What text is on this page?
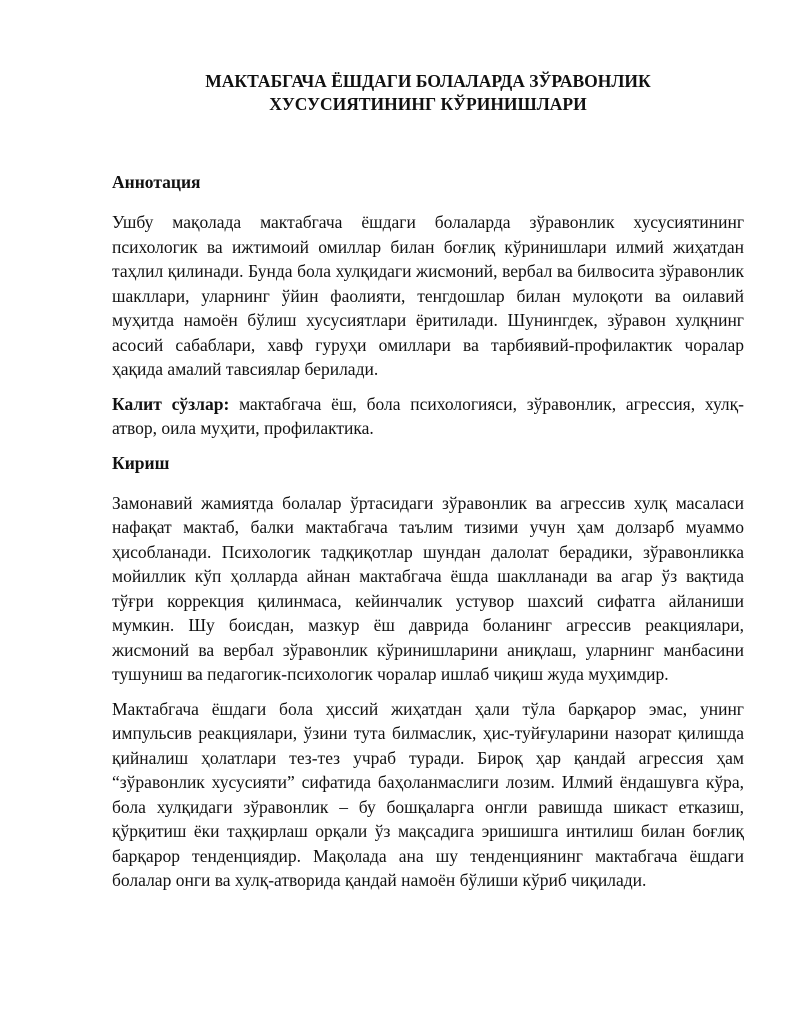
МАКТАБГАЧА ЁШДАГИ БОЛАЛАРДА ЗЎРАВОНЛИК
ХУСУСИЯТИНИНГ КЎРИНИШЛАРИ
Аннотация

Ушбу мақолада мактабгача ёшдаги болаларда зўравонлик хусусиятининг психологик ва ижтимоий омиллар билан боғлиқ кўринишлари илмий жиҳатдан таҳлил қилинади. Бунда бола хулқидаги жисмоний, вербал ва билвосита зўравонлик шакллари, уларнинг ўйин фаолияти, тенгдошлар билан мулоқоти ва оилавий муҳитда намоён бўлиш хусусиятлари ёритилади. Шунингдек, зўравон хулқнинг асосий сабаблари, хавф гуруҳи омиллари ва тарбиявий-профилактик чоралар ҳақида амалий тавсиялар берилади.

Калит сўзлар: мактабгача ёш, бола психологияси, зўравонлик, агрессия, хулқ-атвор, оила муҳити, профилактика.

Кириш

Замонавий жамиятда болалар ўртасидаги зўравонлик ва агрессив хулқ масаласи нафақат мактаб, балки мактабгача таълим тизими учун ҳам долзарб муаммо ҳисобланади. Психологик тадқиқотлар шундан далолат берадики, зўравонликка мойиллик кўп ҳолларда айнан мактабгача ёшда шаклланади ва агар ўз вақтида тўғри коррекция қилинмаса, кейинчалик устувор шахсий сифатга айланиши мумкин. Шу боисдан, мазкур ёш даврида боланинг агрессив реакциялари, жисмоний ва вербал зўравонлик кўринишларини аниқлаш, уларнинг манбасини тушуниш ва педагогик-психологик чоралар ишлаб чиқиш жуда муҳимдир.

Мактабгача ёшдаги бола ҳиссий жиҳатдан ҳали тўла барқарор эмас, унинг импульсив реакциялари, ўзини тута билмаслик, ҳис-туйғуларини назорат қилишда қийналиш ҳолатлари тез-тез учраб туради. Бироқ ҳар қандай агрессия ҳам “зўравонлик хусусияти” сифатида баҳоланмаслиги лозим. Илмий ёндашувга кўра, бола хулқидаги зўравонлик – бу бошқаларга онгли равишда шикаст етказиш, қўрқитиш ёки таҳқирлаш орқали ўз мақсадига эришишга интилиш билан боғлиқ барқарор тенденциядир. Мақолада ана шу тенденциянинг мактабгача ёшдаги болалар онги ва хулқ-атворида қандай намоён бўлиши кўриб чиқилади.
